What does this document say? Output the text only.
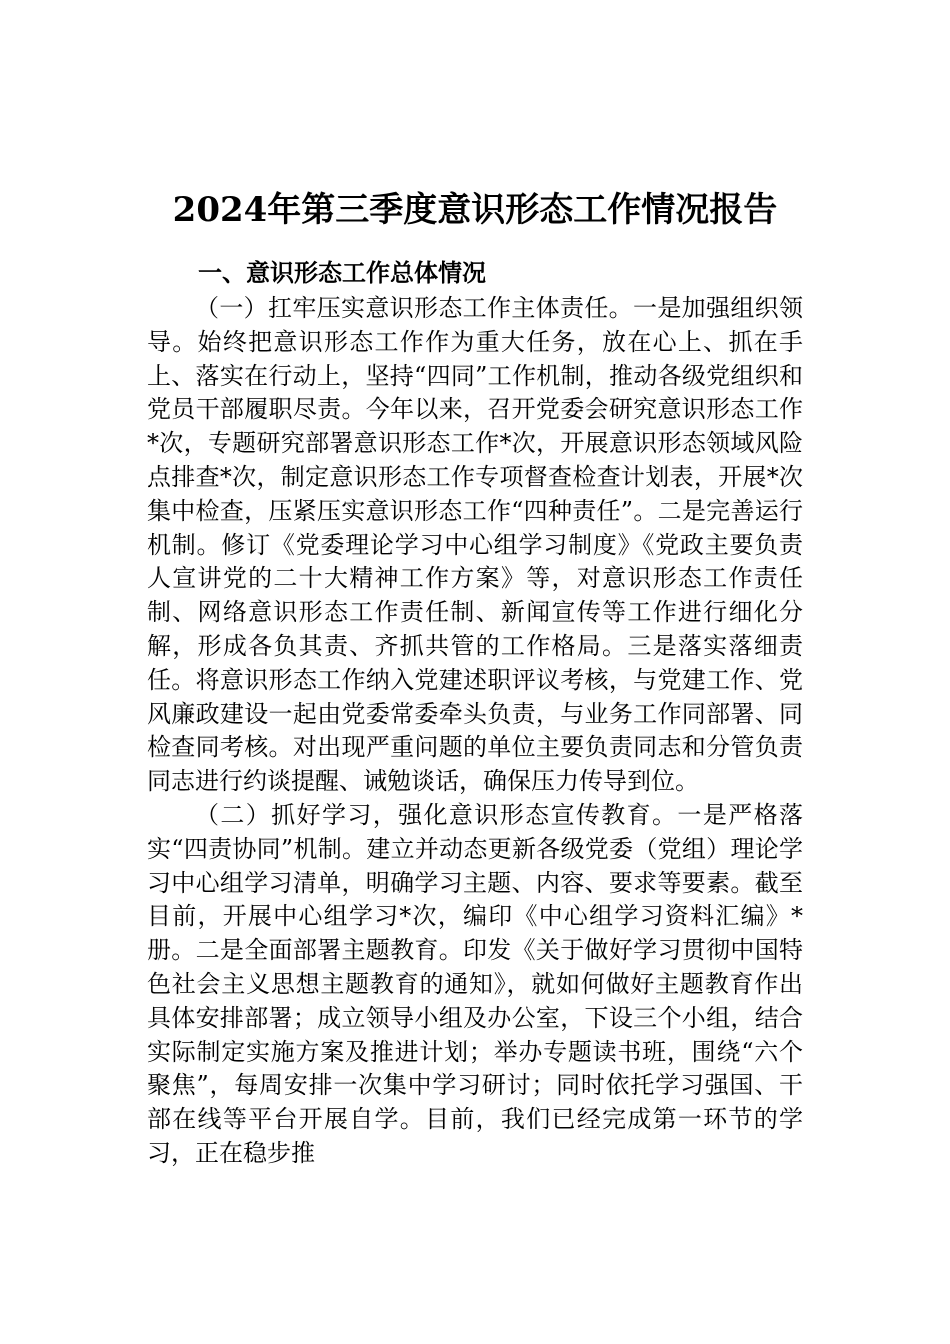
2024年第三季度意识形态工作情况报告
一、意识形态工作总体情况

（一）扛牢压实意识形态工作主体责任。一是加强组织领导。始终把意识形态工作作为重大任务，放在心上、抓在手上、落实在行动上，坚持“四同”工作机制，推动各级党组织和党员干部履职尽责。今年以来，召开党委会研究意识形态工作*次，专题研究部署意识形态工作*次，开展意识形态领域风险点排查*次，制定意识形态工作专项督查检查计划表，开展*次集中检查，压紧压实意识形态工作“四种责任”。二是完善运行机制。修订《党委理论学习中心组学习制度》《党政主要负责人宣讲党的二十大精神工作方案》等，对意识形态工作责任制、网络意识形态工作责任制、新闻宣传等工作进行细化分解，形成各负其责、齐抓共管的工作格局。三是落实落细责任。将意识形态工作纳入党建述职评议考核，与党建工作、党风廉政建设一起由党委常委牵头负责，与业务工作同部署、同检查同考核。对出现严重问题的单位主要负责同志和分管负责同志进行约谈提醒、诫勉谈话，确保压力传导到位。

（二）抓好学习，强化意识形态宣传教育。一是严格落实“四责协同”机制。建立并动态更新各级党委（党组）理论学习中心组学习清单，明确学习主题、内容、要求等要素。截至目前，开展中心组学习*次，编印《中心组学习资料汇编》*册。二是全面部署主题教育。印发《关于做好学习贯彻中国特色社会主义思想主题教育的通知》，就如何做好主题教育作出具体安排部署；成立领导小组及办公室，下设三个小组，结合实际制定实施方案及推进计划；举办专题读书班，围绕“六个聚焦”，每周安排一次集中学习研讨；同时依托学习强国、干部在线等平台开展自学。目前，我们已经完成第一环节的学习，正在稳步推
